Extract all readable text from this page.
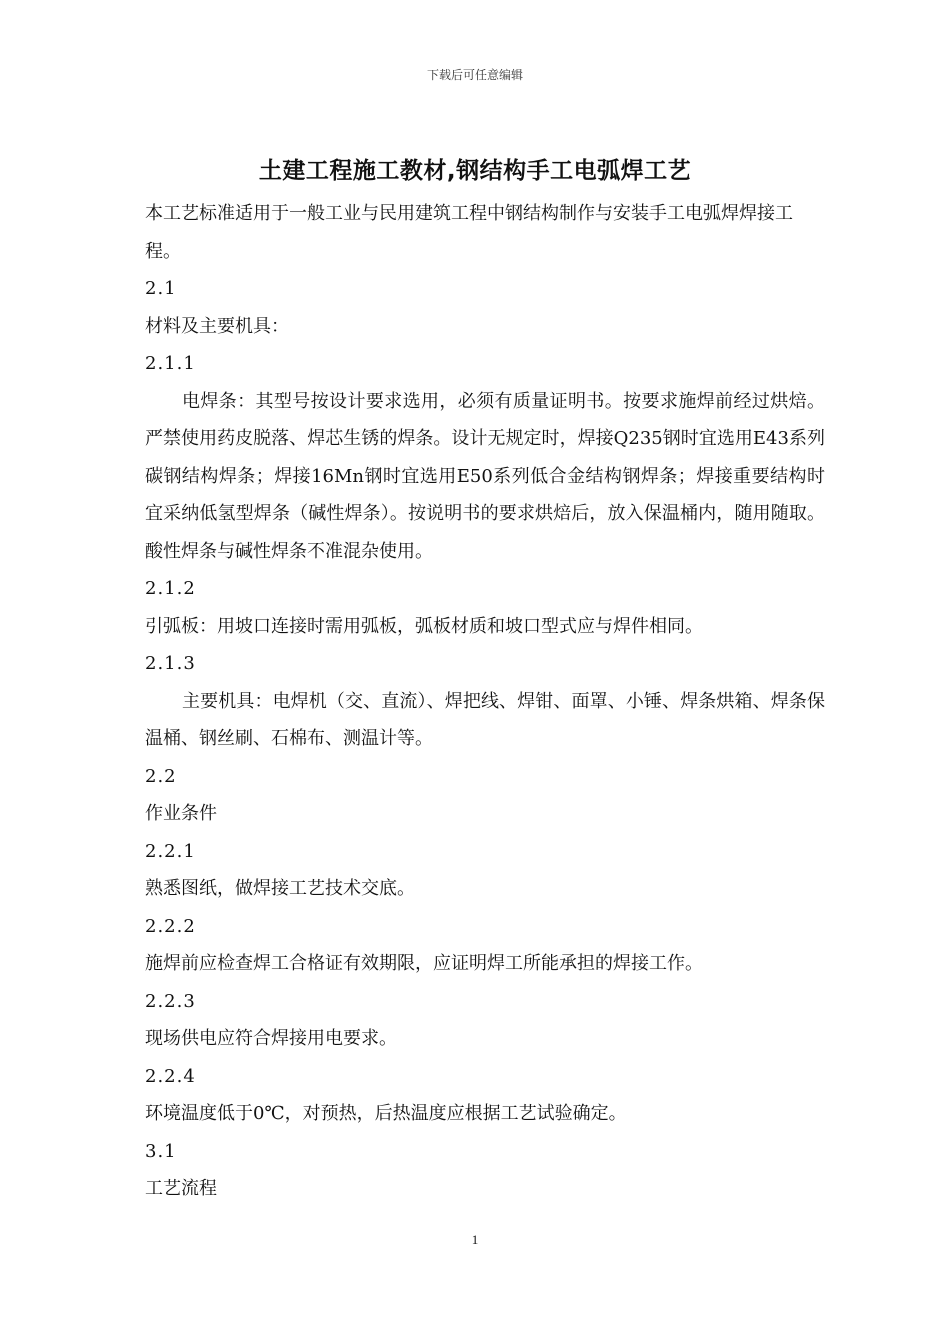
下载后可任意编辑
土建工程施工教材,钢结构手工电弧焊工艺

本工艺标准适用于一般工业与民用建筑工程中钢结构制作与安装手工电弧焊焊接工程。

2.1

材料及主要机具：

2.1.1

电焊条：其型号按设计要求选用，必须有质量证明书。按要求施焊前经过烘焙。严禁使用药皮脱落、焊芯生锈的焊条。设计无规定时，焊接Q235钢时宜选用E43系列碳钢结构焊条；焊接16Mn钢时宜选用E50系列低合金结构钢焊条；焊接重要结构时宜采纳低氢型焊条（碱性焊条）。按说明书的要求烘焙后，放入保温桶内，随用随取。酸性焊条与碱性焊条不准混杂使用。

2.1.2

引弧板：用坡口连接时需用弧板，弧板材质和坡口型式应与焊件相同。

2.1.3

主要机具：电焊机（交、直流）、焊把线、焊钳、面罩、小锤、焊条烘箱、焊条保温桶、钢丝刷、石棉布、测温计等。

2.2

作业条件

2.2.1

熟悉图纸，做焊接工艺技术交底。

2.2.2

施焊前应检查焊工合格证有效期限，应证明焊工所能承担的焊接工作。

2.2.3

现场供电应符合焊接用电要求。

2.2.4

环境温度低于0℃，对预热，后热温度应根据工艺试验确定。

3.1

工艺流程

1
